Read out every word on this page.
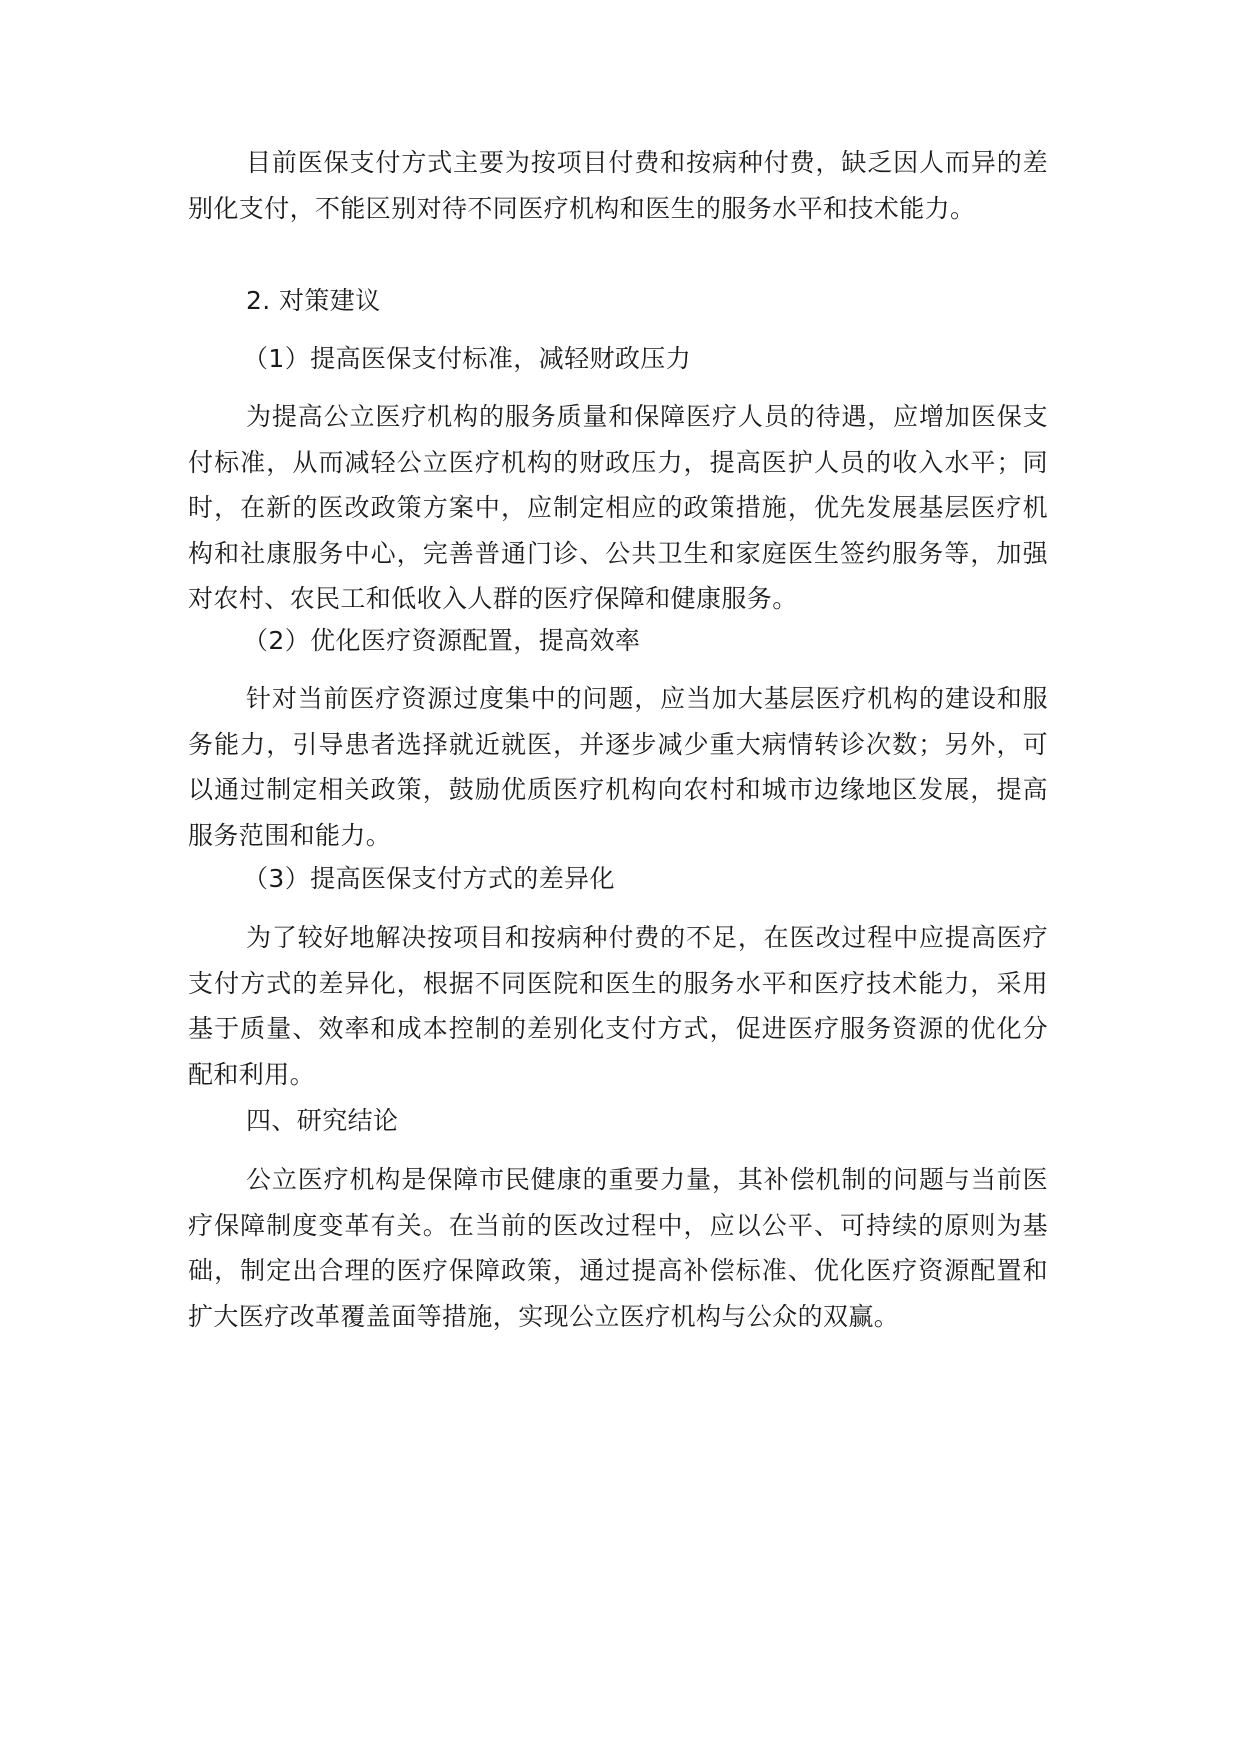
目前医保支付方式主要为按项目付费和按病种付费，缺乏因人而异的差别化支付，不能区别对待不同医疗机构和医生的服务水平和技术能力。

2. 对策建议

（1）提高医保支付标准，减轻财政压力

为提高公立医疗机构的服务质量和保障医疗人员的待遇，应增加医保支付标准，从而减轻公立医疗机构的财政压力，提高医护人员的收入水平；同时，在新的医改政策方案中，应制定相应的政策措施，优先发展基层医疗机构和社康服务中心，完善普通门诊、公共卫生和家庭医生签约服务等，加强对农村、农民工和低收入人群的医疗保障和健康服务。

（2）优化医疗资源配置，提高效率

针对当前医疗资源过度集中的问题，应当加大基层医疗机构的建设和服务能力，引导患者选择就近就医，并逐步减少重大病情转诊次数；另外，可以通过制定相关政策，鼓励优质医疗机构向农村和城市边缘地区发展，提高服务范围和能力。

（3）提高医保支付方式的差异化

为了较好地解决按项目和按病种付费的不足，在医改过程中应提高医疗支付方式的差异化，根据不同医院和医生的服务水平和医疗技术能力，采用基于质量、效率和成本控制的差别化支付方式，促进医疗服务资源的优化分配和利用。

四、研究结论

公立医疗机构是保障市民健康的重要力量，其补偿机制的问题与当前医疗保障制度变革有关。在当前的医改过程中，应以公平、可持续的原则为基础，制定出合理的医疗保障政策，通过提高补偿标准、优化医疗资源配置和扩大医疗改革覆盖面等措施，实现公立医疗机构与公众的双赢。
